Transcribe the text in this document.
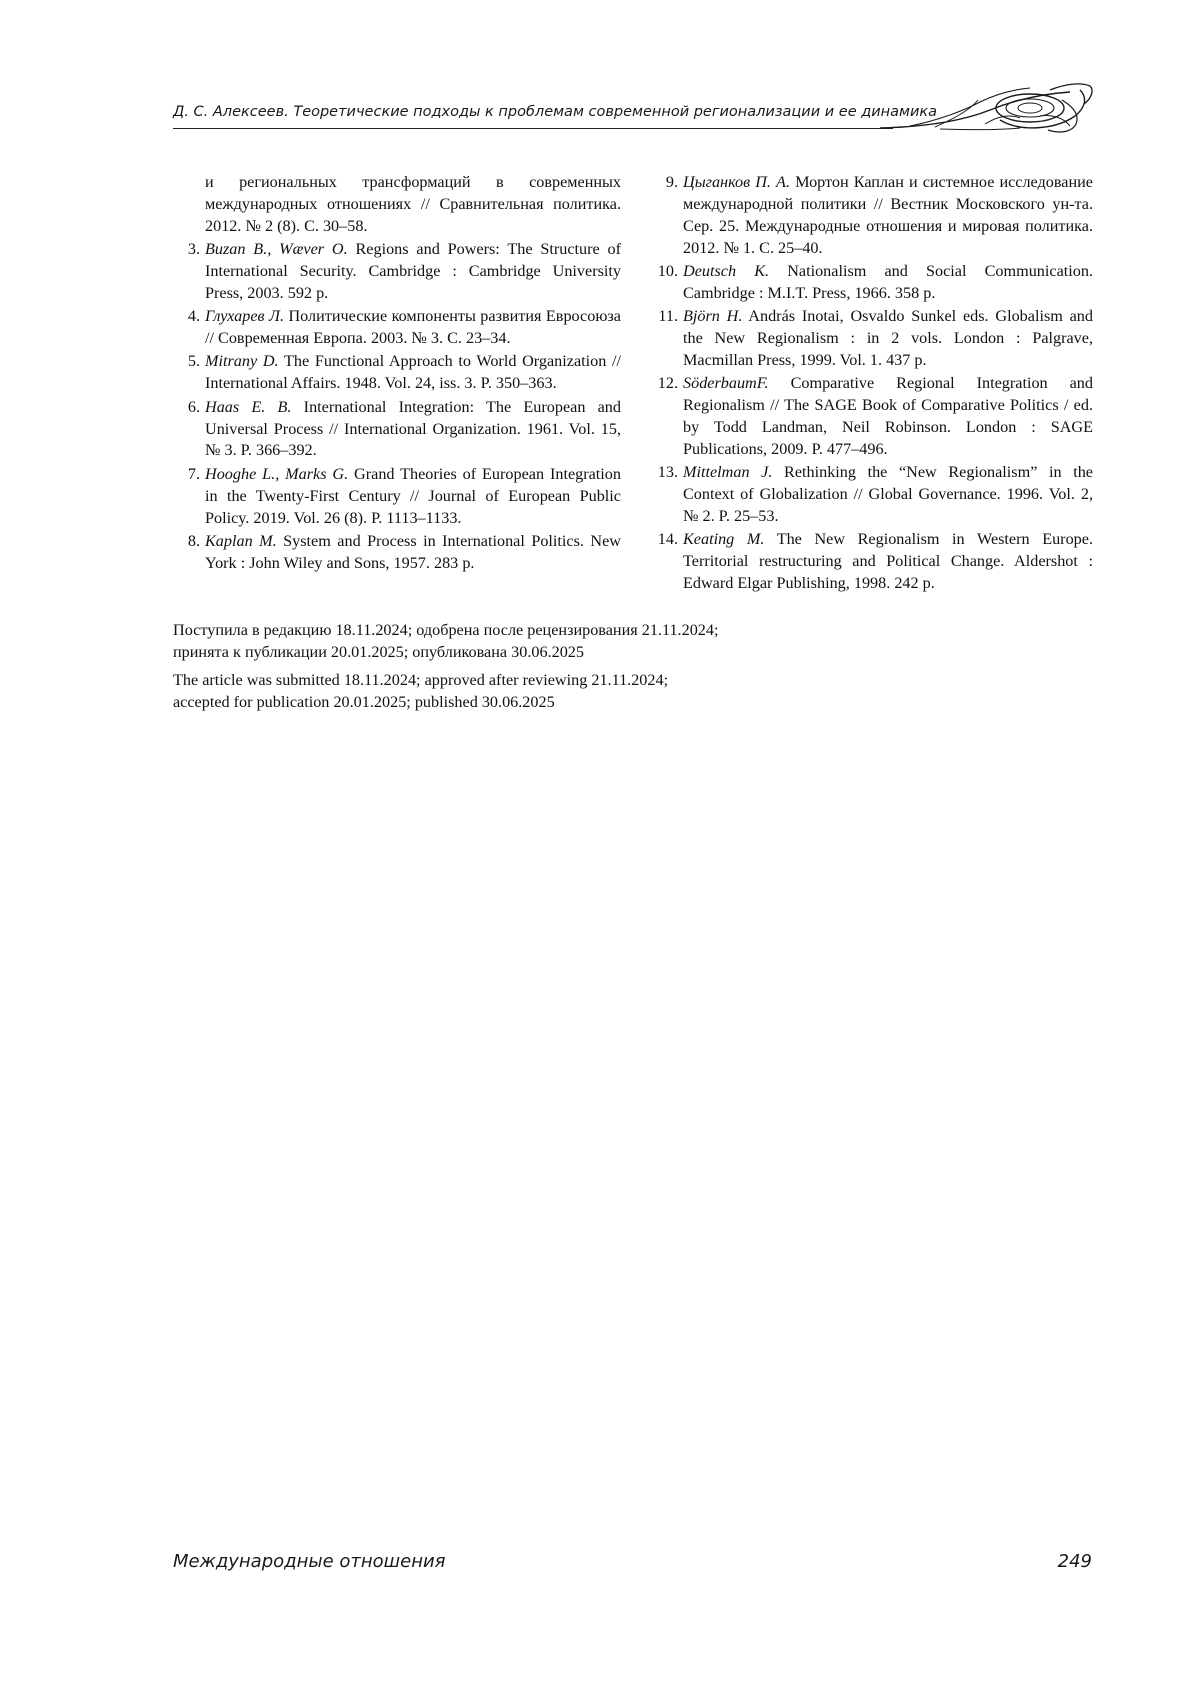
Д. С. Алексеев. Теоретические подходы к проблемам современной регионализации и ее динамика
и региональных трансформаций в современных международных отношениях // Сравнительная политика. 2012. № 2 (8). С. 30–58.
3. Buzan B., Wæver O. Regions and Powers: The Structure of International Security. Cambridge : Cambridge University Press, 2003. 592 p.
4. Глухарев Л. Политические компоненты развития Евросоюза // Современная Европа. 2003. № 3. С. 23–34.
5. Mitrany D. The Functional Approach to World Organization // International Affairs. 1948. Vol. 24, iss. 3. P. 350–363.
6. Haas E. B. International Integration: The European and Universal Process // International Organization. 1961. Vol. 15, № 3. P. 366–392.
7. Hooghe L., Marks G. Grand Theories of European Integration in the Twenty-First Century // Journal of European Public Policy. 2019. Vol. 26 (8). P. 1113–1133.
8. Kaplan M. System and Process in International Politics. New York : John Wiley and Sons, 1957. 283 p.
9. Цыганков П. А. Мортон Каплан и системное исследование международной политики // Вестник Московского ун-та. Сер. 25. Международные отношения и мировая политика. 2012. № 1. С. 25–40.
10. Deutsch K. Nationalism and Social Communication. Cambridge : M.I.T. Press, 1966. 358 p.
11. Björn H. András Inotai, Osvaldo Sunkel eds. Globalism and the New Regionalism : in 2 vols. London : Palgrave, Macmillan Press, 1999. Vol. 1. 437 p.
12. SöderbaumF. Comparative Regional Integration and Regionalism // The SAGE Book of Comparative Politics / ed. by Todd Landman, Neil Robinson. London : SAGE Publications, 2009. P. 477–496.
13. Mittelman J. Rethinking the “New Regionalism” in the Context of Globalization // Global Governance. 1996. Vol. 2, № 2. P. 25–53.
14. Keating M. The New Regionalism in Western Europe. Territorial restructuring and Political Change. Aldershot : Edward Elgar Publishing, 1998. 242 p.

Поступила в редакцию 18.11.2024; одобрена после рецензирования 21.11.2024;

принята к публикации 20.01.2025; опубликована 30.06.2025

The article was submitted 18.11.2024; approved after reviewing 21.11.2024;

accepted for publication 20.01.2025; published 30.06.2025

Международные отношения	249
